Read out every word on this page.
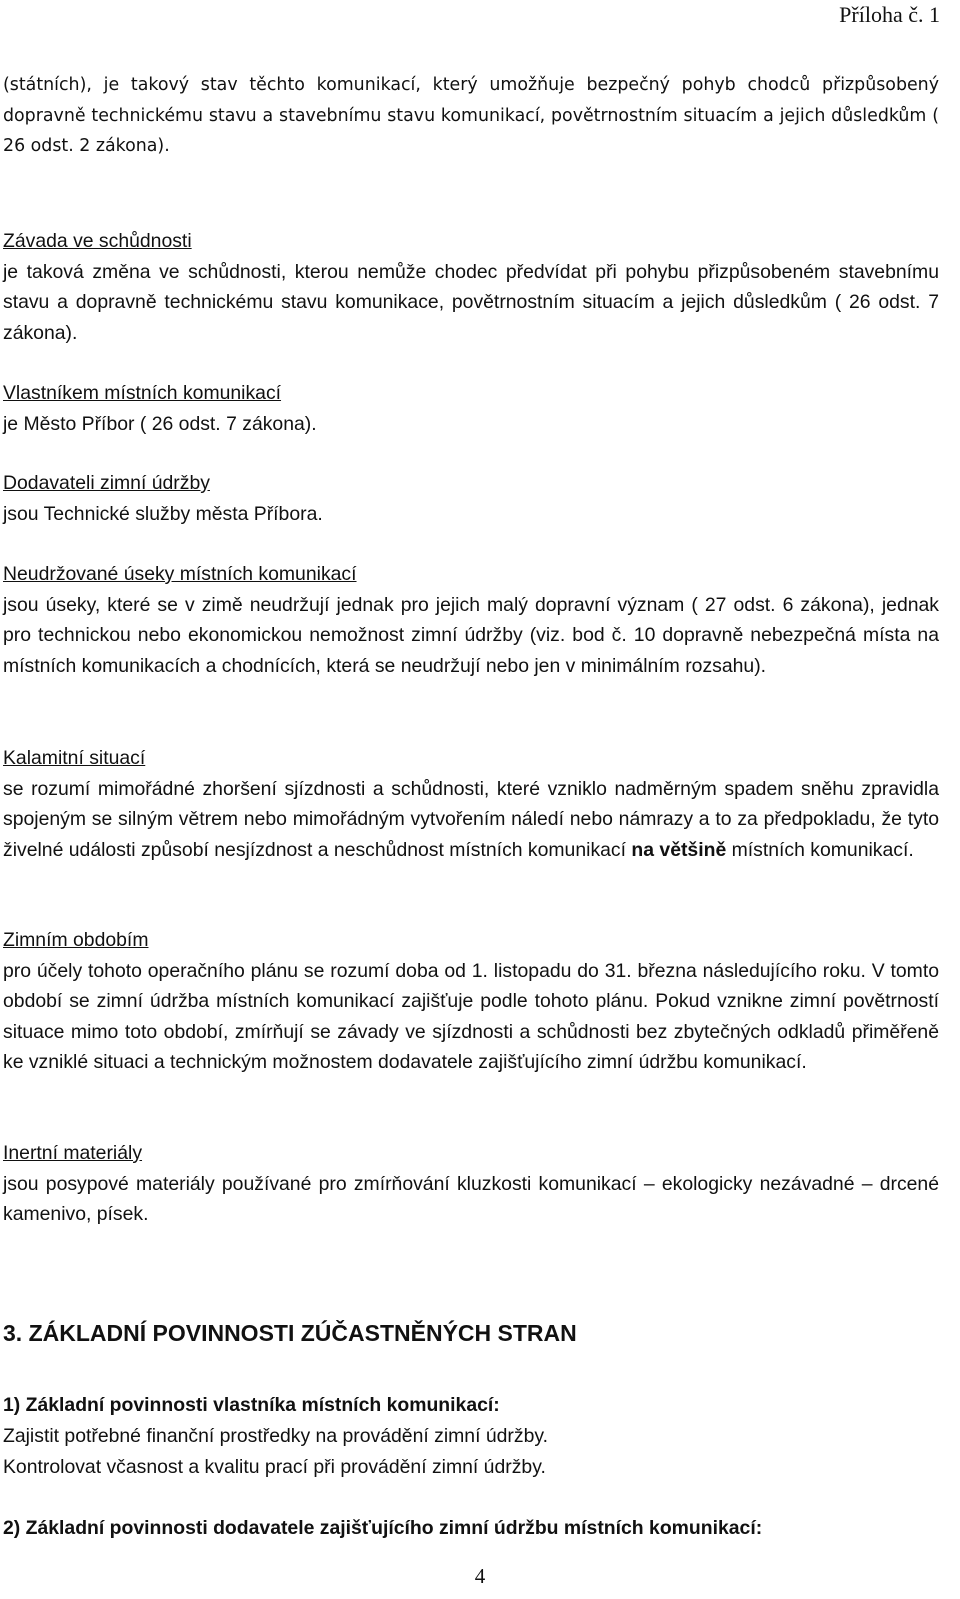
Příloha č. 1
(státních), je takový stav těchto komunikací, který umožňuje bezpečný pohyb chodců přizpůsobený dopravně technickému stavu a stavebnímu stavu komunikací, povětrnostním situacím a jejich důsledkům ( 26 odst. 2 zákona).
Závada ve schůdnosti
je taková změna ve schůdnosti, kterou nemůže chodec předvídat při pohybu přizpůsobeném stavebnímu stavu a dopravně technickému stavu komunikace, povětrnostním situacím a jejich důsledkům ( 26 odst. 7 zákona).
Vlastníkem místních komunikací
je Město Příbor ( 26 odst. 7 zákona).
Dodavateli zimní údržby
jsou Technické služby města Příbora.
Neudržované úseky místních komunikací
jsou úseky, které se v zimě neudržují jednak pro jejich malý dopravní význam ( 27 odst. 6 zákona), jednak pro technickou nebo ekonomickou nemožnost zimní údržby (viz. bod č. 10 dopravně nebezpečná místa na místních komunikacích a chodnících, která se neudržují nebo jen v minimálním rozsahu).
Kalamitní situací
se rozumí mimořádné zhoršení sjízdnosti a schůdnosti, které vzniklo nadměrným spadem sněhu zpravidla spojeným se silným větrem nebo mimořádným vytvořením náledí nebo námrazy a to za předpokladu, že tyto živelné události způsobí nesjízdnost a neschůdnost místních komunikací na většině místních komunikací.
Zimním obdobím
pro účely tohoto operačního plánu se rozumí doba od 1. listopadu do 31. března následujícího roku. V tomto období se zimní údržba místních komunikací zajišťuje podle tohoto plánu. Pokud vznikne zimní povětrností situace mimo toto období, zmírňují se závady ve sjízdnosti a schůdnosti bez zbytečných odkladů přiměřeně ke vzniklé situaci a technickým možnostem dodavatele zajišťujícího zimní údržbu komunikací.
Inertní materiály
jsou posypové materiály používané pro zmírňování kluzkosti komunikací – ekologicky nezávadné – drcené kamenivo, písek.
3. ZÁKLADNÍ POVINNOSTI ZÚČASTNĚNÝCH STRAN
1) Základní povinnosti vlastníka místních komunikací:
Zajistit potřebné finanční prostředky na provádění zimní údržby.
Kontrolovat včasnost a kvalitu prací při provádění zimní údržby.
2) Základní povinnosti dodavatele zajišťujícího zimní údržbu místních komunikací:
4
